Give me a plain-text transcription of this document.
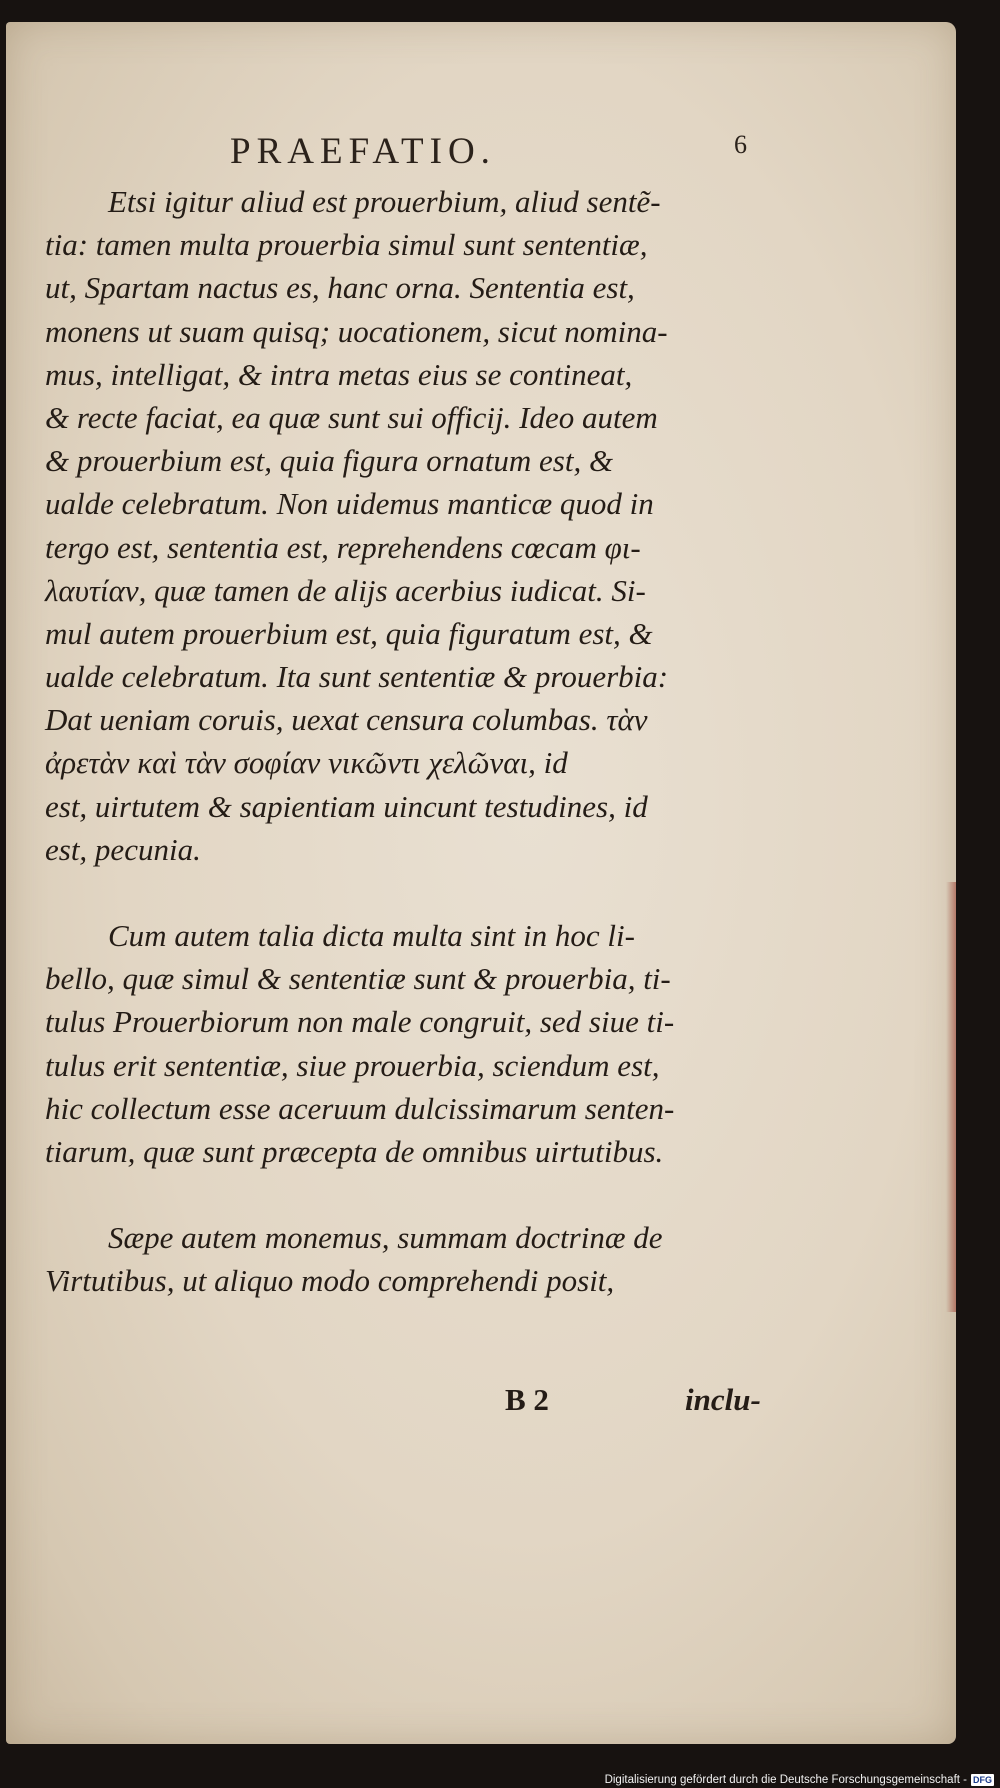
PRAEFATIO.	6
Etsi igitur aliud est prouerbium, aliud sentẽ-
tia: tamen multa prouerbia simul sunt sententiæ,
ut, Spartam nactus es, hanc orna. Sententia est,
monens ut suam quisq; uocationem, sicut nomina-
mus, intelligat, & intra metas eius se contineat,
& recte faciat, ea quæ sunt sui officij. Ideo autem
& prouerbium est, quia figura ornatum est, &
ualde celebratum. Non uidemus manticæ quod in
tergo est, sententia est, reprehendens cœcam φι-
λαυτίαν, quæ tamen de alijs acerbius iudicat. Si-
mul autem prouerbium est, quia figuratum est, &
ualde celebratum. Ita sunt sententiæ & prouerbia:
Dat ueniam coruis, uexat censura columbas. τὰν
ἀρετὰν καὶ τὰν σοφίαν νικῶντι χελῶναι, id
est, uirtutem & sapientiam uincunt testudines, id
est, pecunia.
Cum autem talia dicta multa sint in hoc li-
bello, quæ simul & sententiæ sunt & prouerbia, ti-
tulus Prouerbiorum non male congruit, sed siue ti-
tulus erit sententiæ, siue prouerbia, sciendum est,
hic collectum esse aceruum dulcissimarum senten-
tiarum, quæ sunt præcepta de omnibus uirtutibus.
Sæpe autem monemus, summam doctrinæ de
Virtutibus, ut aliquo modo comprehendi posit,
B 2	inclu-
Digitalisierung gefördert durch die Deutsche Forschungsgemeinschaft - DFG
